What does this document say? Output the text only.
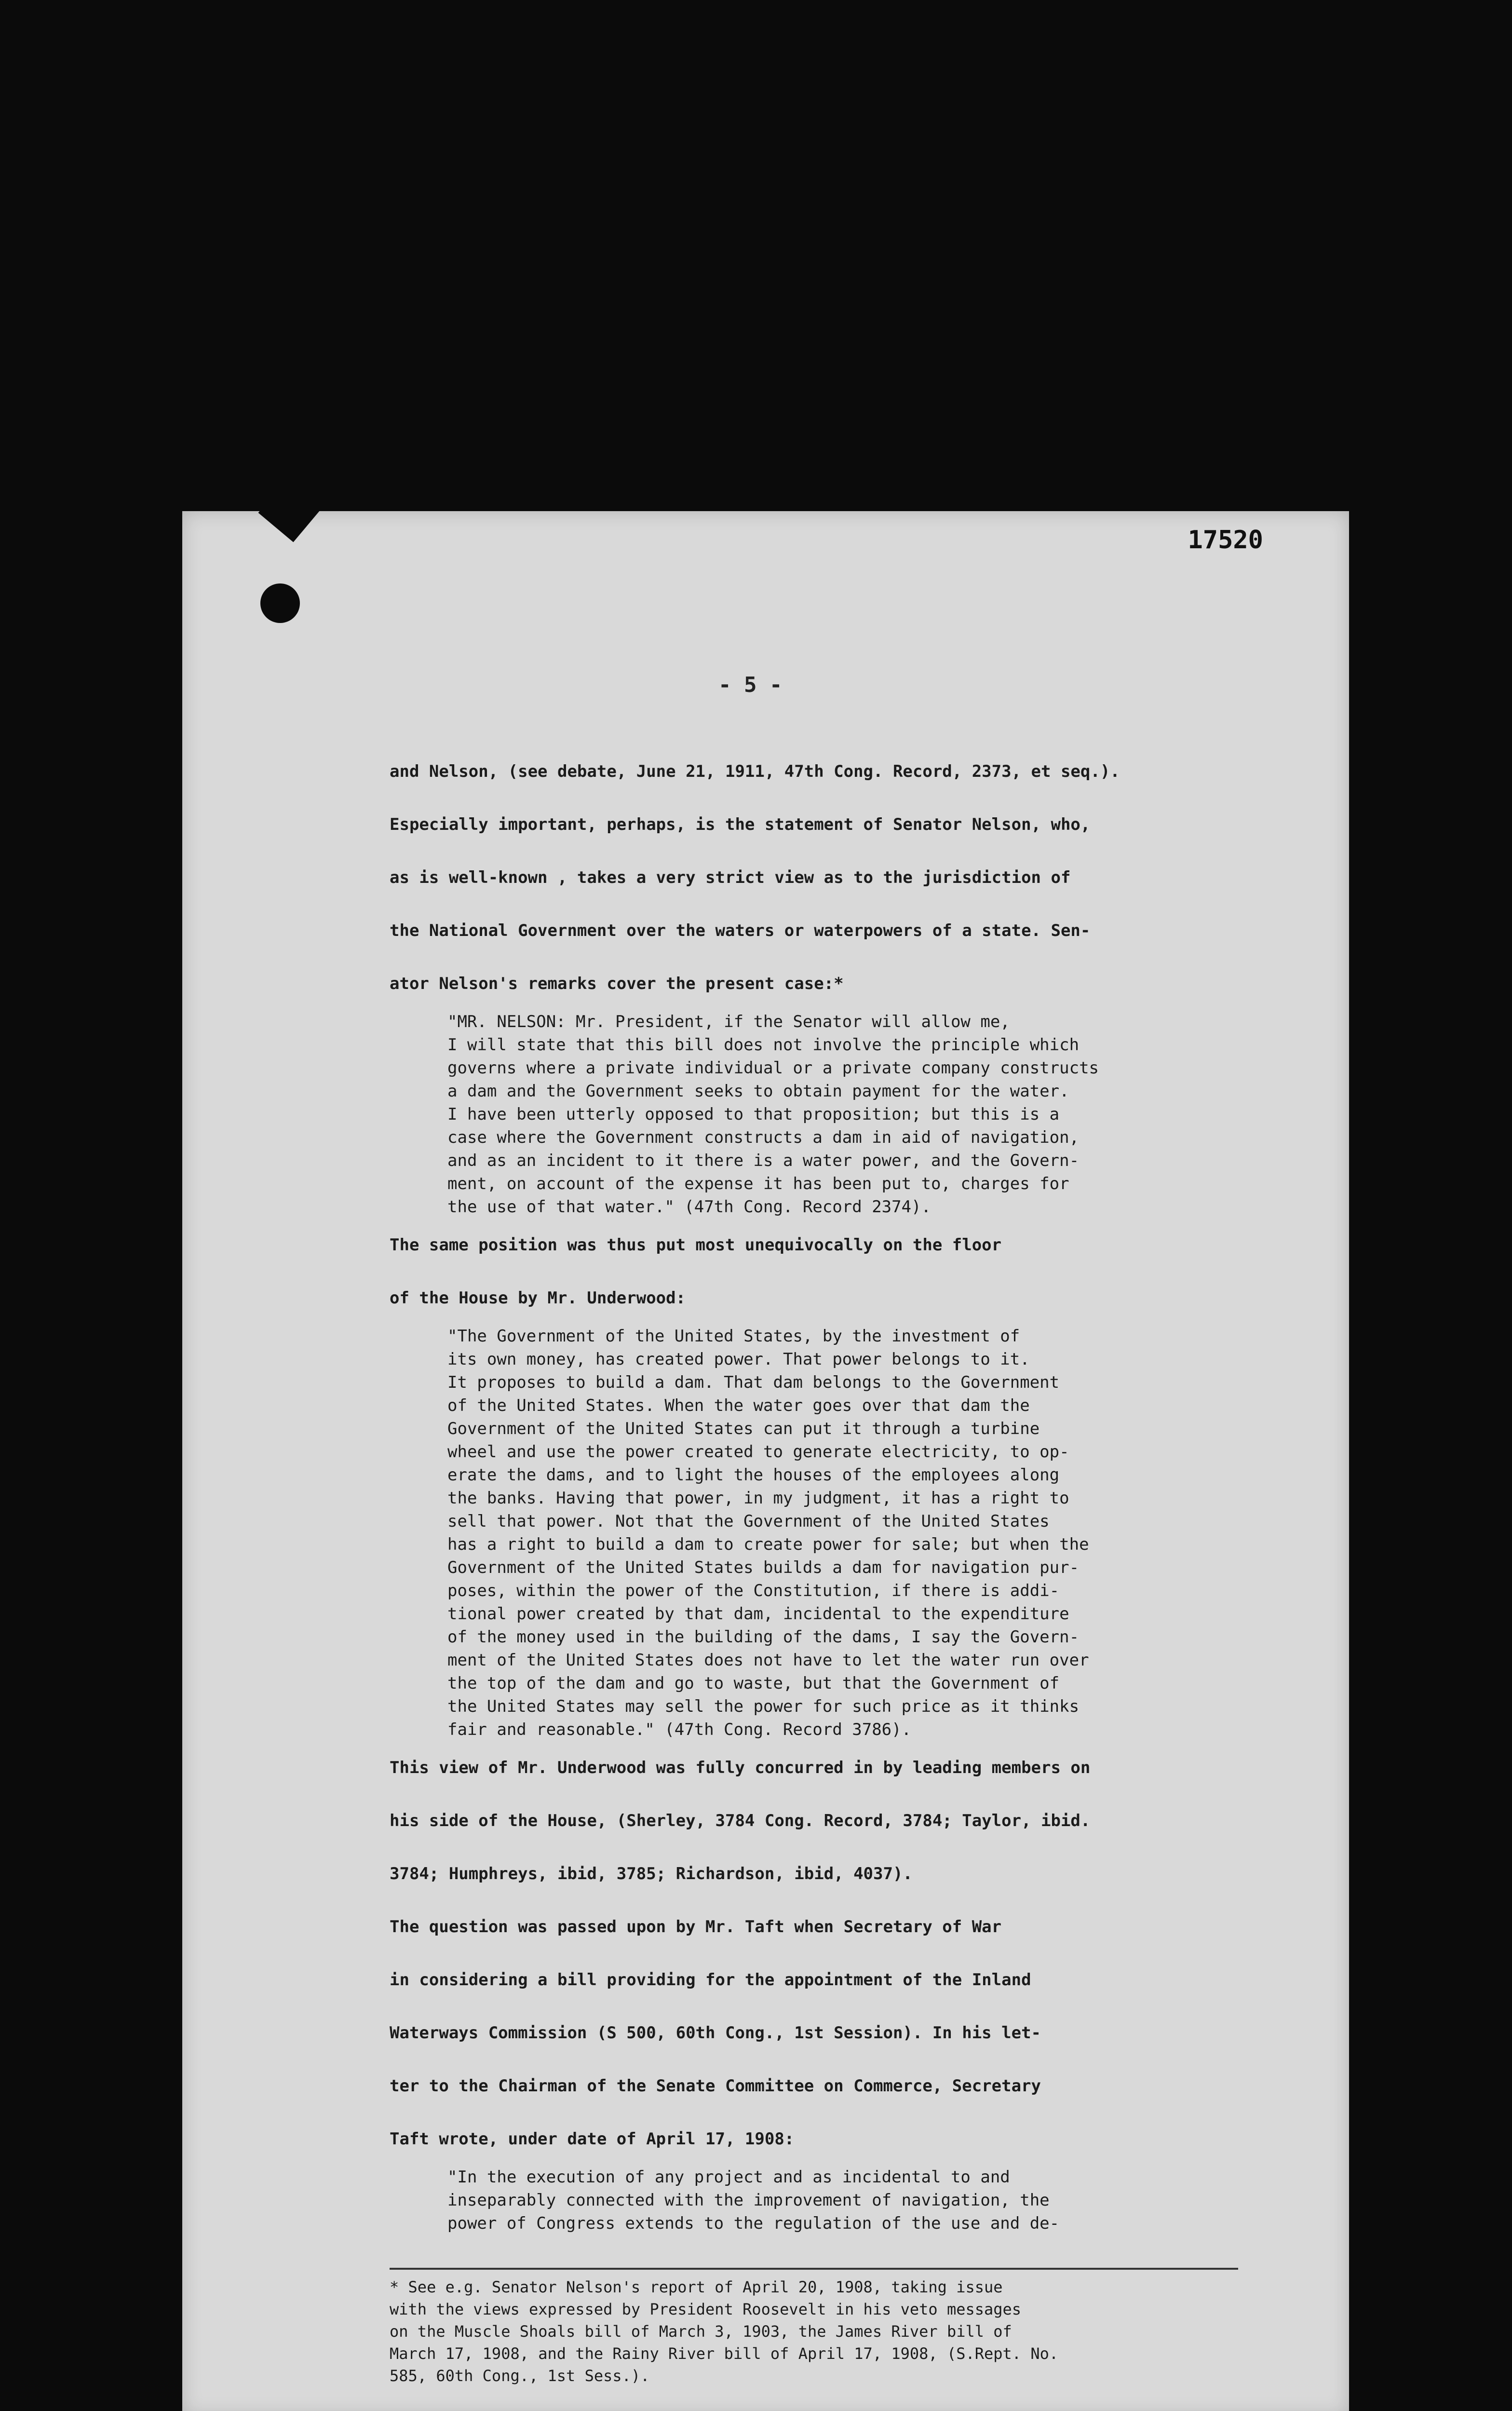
17520
- 5 -

and Nelson, (see debate, June 21, 1911, 47th Cong. Record, 2373, et seq.).

Especially important, perhaps, is the statement of Senator Nelson, who,

as is well-known , takes a very strict view as to the jurisdiction of

the National Government over the waters or waterpowers of a state. Sen-

ator Nelson's remarks cover the present case:*

"MR. NELSON: Mr. President, if the Senator will allow me,

I will state that this bill does not involve the principle which

governs where a private individual or a private company constructs

a dam and the Government seeks to obtain payment for the water.

I have been utterly opposed to that proposition; but this is a

case where the Government constructs a dam in aid of navigation,

and as an incident to it there is a water power, and the Govern-

ment, on account of the expense it has been put to, charges for

the use of that water." (47th Cong. Record 2374).

The same position was thus put most unequivocally on the floor

of the House by Mr. Underwood:

"The Government of the United States, by the investment of

its own money, has created power. That power belongs to it.

It proposes to build a dam. That dam belongs to the Government

of the United States. When the water goes over that dam the

Government of the United States can put it through a turbine

wheel and use the power created to generate electricity, to op-

erate the dams, and to light the houses of the employees along

the banks. Having that power, in my judgment, it has a right to

sell that power. Not that the Government of the United States

has a right to build a dam to create power for sale; but when the

Government of the United States builds a dam for navigation pur-

poses, within the power of the Constitution, if there is addi-

tional power created by that dam, incidental to the expenditure

of the money used in the building of the dams, I say the Govern-

ment of the United States does not have to let the water run over

the top of the dam and go to waste, but that the Government of

the United States may sell the power for such price as it thinks

fair and reasonable." (47th Cong. Record 3786).

This view of Mr. Underwood was fully concurred in by leading members on

his side of the House, (Sherley, 3784 Cong. Record, 3784; Taylor, ibid.

3784; Humphreys, ibid, 3785; Richardson, ibid, 4037).

The question was passed upon by Mr. Taft when Secretary of War

in considering a bill providing for the appointment of the Inland

Waterways Commission (S 500, 60th Cong., 1st Session). In his let-

ter to the Chairman of the Senate Committee on Commerce, Secretary

Taft wrote, under date of April 17, 1908:

"In the execution of any project and as incidental to and

inseparably connected with the improvement of navigation, the

power of Congress extends to the regulation of the use and de-

* See e.g. Senator Nelson's report of April 20, 1908, taking issue

with the views expressed by President Roosevelt in his veto messages

on the Muscle Shoals bill of March 3, 1903, the James River bill of

March 17, 1908, and the Rainy River bill of April 17, 1908, (S.Rept. No.

585, 60th Cong., 1st Sess.).
